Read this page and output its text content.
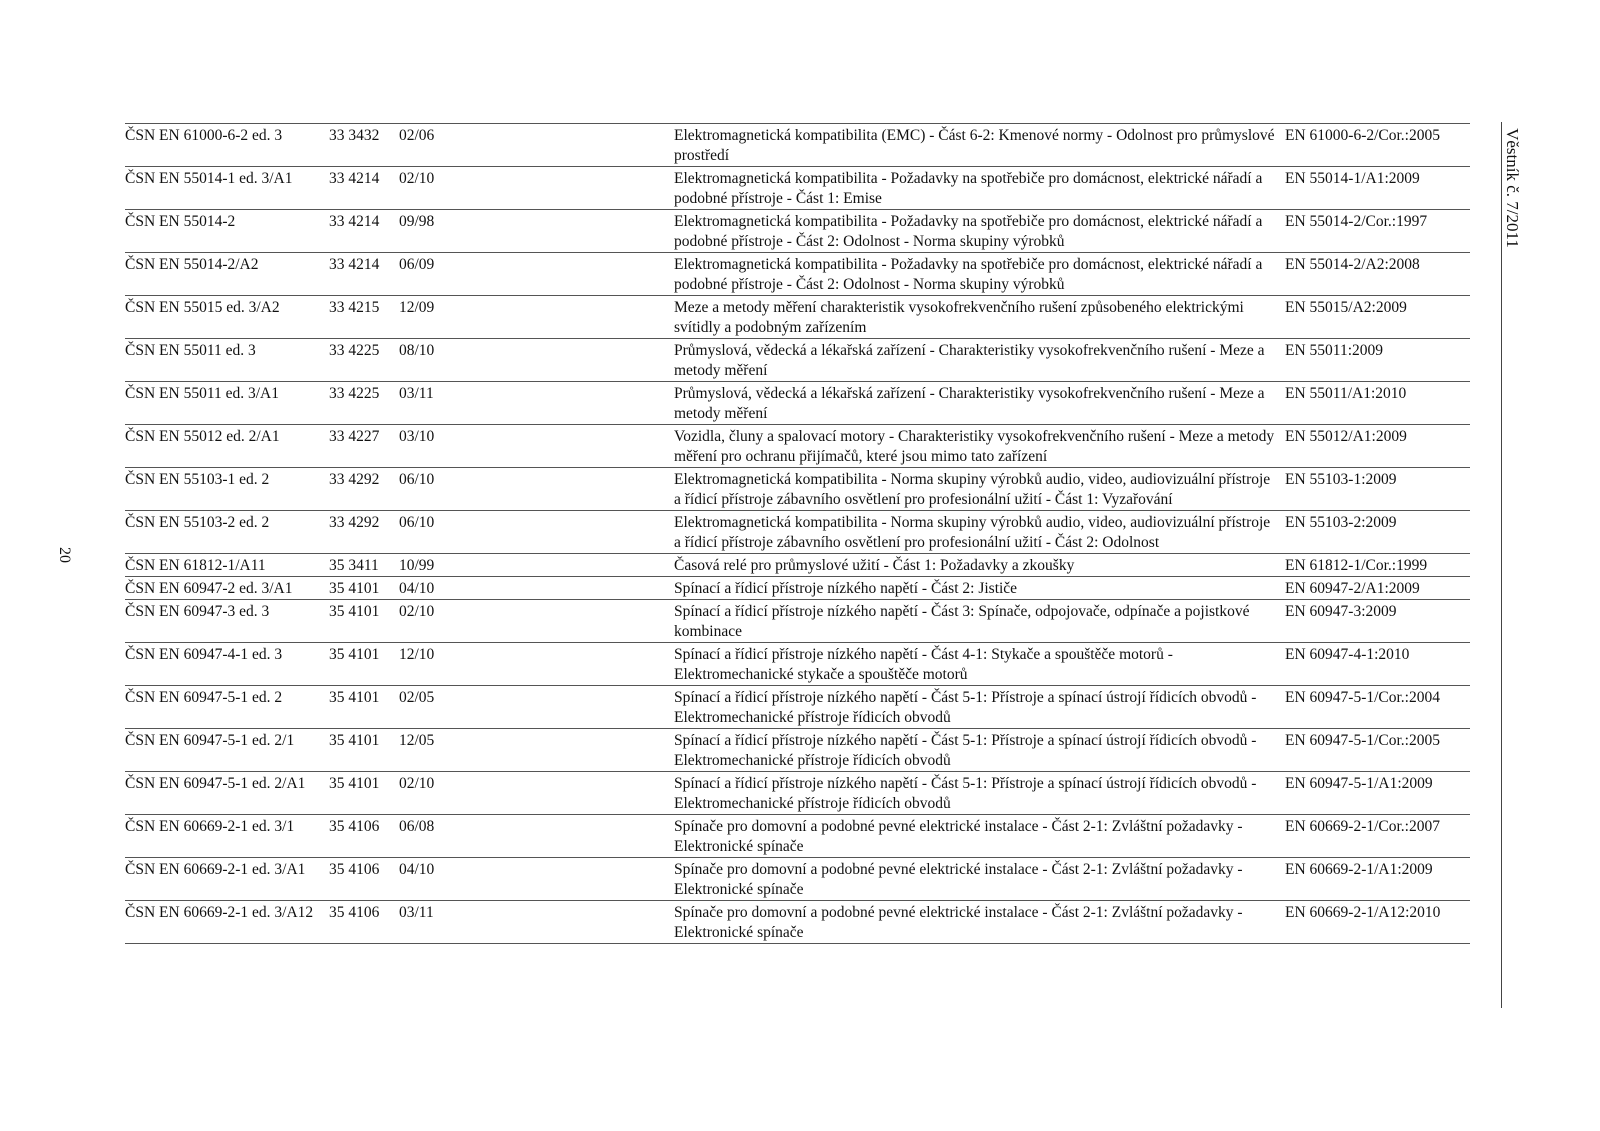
20
Věstník č. 7/2011
ČSN EN 61000-6-2 ed. 3	33 3432	02/06	Elektromagnetická kompatibilita (EMC) - Část 6-2: Kmenové normy - Odolnost pro průmyslové prostředí	EN 61000-6-2/Cor.:2005
ČSN EN 55014-1 ed. 3/A1	33 4214	02/10	Elektromagnetická kompatibilita - Požadavky na spotřebiče pro domácnost, elektrické nářadí a podobné přístroje - Část 1: Emise	EN 55014-1/A1:2009
ČSN EN 55014-2	33 4214	09/98	Elektromagnetická kompatibilita - Požadavky na spotřebiče pro domácnost, elektrické nářadí a podobné přístroje - Část 2: Odolnost - Norma skupiny výrobků	EN 55014-2/Cor.:1997
ČSN EN 55014-2/A2	33 4214	06/09	Elektromagnetická kompatibilita - Požadavky na spotřebiče pro domácnost, elektrické nářadí a podobné přístroje - Část 2: Odolnost - Norma skupiny výrobků	EN 55014-2/A2:2008
ČSN EN 55015 ed. 3/A2	33 4215	12/09	Meze a metody měření charakteristik vysokofrekvenčního rušení způsobeného elektrickými svítidly a podobným zařízením	EN 55015/A2:2009
ČSN EN 55011 ed. 3	33 4225	08/10	Průmyslová, vědecká a lékařská zařízení - Charakteristiky vysokofrekvenčního rušení - Meze a metody měření	EN 55011:2009
ČSN EN 55011 ed. 3/A1	33 4225	03/11	Průmyslová, vědecká a lékařská zařízení - Charakteristiky vysokofrekvenčního rušení - Meze a metody měření	EN 55011/A1:2010
ČSN EN 55012 ed. 2/A1	33 4227	03/10	Vozidla, čluny a spalovací motory - Charakteristiky vysokofrekvenčního rušení - Meze a metody měření pro ochranu přijímačů, které jsou mimo tato zařízení	EN 55012/A1:2009
ČSN EN 55103-1 ed. 2	33 4292	06/10	Elektromagnetická kompatibilita - Norma skupiny výrobků audio, video, audiovizuální přístroje a řídicí přístroje zábavního osvětlení pro profesionální užití - Část 1: Vyzařování	EN 55103-1:2009
ČSN EN 55103-2 ed. 2	33 4292	06/10	Elektromagnetická kompatibilita - Norma skupiny výrobků audio, video, audiovizuální přístroje a řídicí přístroje zábavního osvětlení pro profesionální užití - Část 2: Odolnost	EN 55103-2:2009
ČSN EN 61812-1/A11	35 3411	10/99	Časová relé pro průmyslové užití - Část 1: Požadavky a zkoušky	EN 61812-1/Cor.:1999
ČSN EN 60947-2 ed. 3/A1	35 4101	04/10	Spínací a řídicí přístroje nízkého napětí - Část 2: Jističe	EN 60947-2/A1:2009
ČSN EN 60947-3 ed. 3	35 4101	02/10	Spínací a řídicí přístroje nízkého napětí - Část 3: Spínače, odpojovače, odpínače a pojistkové kombinace	EN 60947-3:2009
ČSN EN 60947-4-1 ed. 3	35 4101	12/10	Spínací a řídicí přístroje nízkého napětí - Část 4-1: Stykače a spouštěče motorů - Elektromechanické stykače a spouštěče motorů	EN 60947-4-1:2010
ČSN EN 60947-5-1 ed. 2	35 4101	02/05	Spínací a řídicí přístroje nízkého napětí - Část 5-1: Přístroje a spínací ústrojí řídicích obvodů - Elektromechanické přístroje řídicích obvodů	EN 60947-5-1/Cor.:2004
ČSN EN 60947-5-1 ed. 2/1	35 4101	12/05	Spínací a řídicí přístroje nízkého napětí - Část 5-1: Přístroje a spínací ústrojí řídicích obvodů - Elektromechanické přístroje řídicích obvodů	EN 60947-5-1/Cor.:2005
ČSN EN 60947-5-1 ed. 2/A1	35 4101	02/10	Spínací a řídicí přístroje nízkého napětí - Část 5-1: Přístroje a spínací ústrojí řídicích obvodů - Elektromechanické přístroje řídicích obvodů	EN 60947-5-1/A1:2009
ČSN EN 60669-2-1 ed. 3/1	35 4106	06/08	Spínače pro domovní a podobné pevné elektrické instalace - Část 2-1: Zvláštní požadavky - Elektronické spínače	EN 60669-2-1/Cor.:2007
ČSN EN 60669-2-1 ed. 3/A1	35 4106	04/10	Spínače pro domovní a podobné pevné elektrické instalace - Část 2-1: Zvláštní požadavky - Elektronické spínače	EN 60669-2-1/A1:2009
ČSN EN 60669-2-1 ed. 3/A12	35 4106	03/11	Spínače pro domovní a podobné pevné elektrické instalace - Část 2-1: Zvláštní požadavky - Elektronické spínače	EN 60669-2-1/A12:2010
